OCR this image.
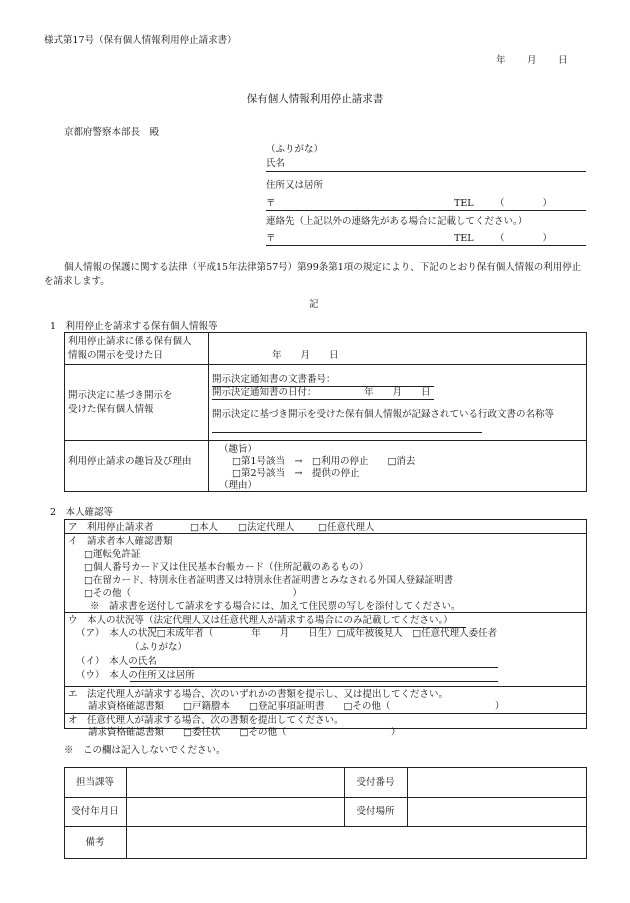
様式第17号（保有個人情報利用停止請求書）
年 月 日
保有個人情報利用停止請求書
京都府警察本部長　殿
（ふりがな）
氏名
住所又は居所
〒	TEL （　　　　）
連絡先（上記以外の連絡先がある場合に記載してください。）
〒	TEL （　　　　）
個人情報の保護に関する法律（平成15年法律第57号）第99条第1項の規定により、下記のとおり保有個人情報の利用停止
を請求します。
記
1　利用停止を請求する保有個人情報等
利用停止請求に係る保有個人
情報の開示を受けた日	年　　月　　日
開示決定に基づき開示を
受けた保有個人情報
開示決定通知書の文書番号：
開示決定通知書の日付：	年　　月　　日
開示決定に基づき開示を受けた保有個人情報が記録されている行政文書の名称等
利用停止請求の趣旨及び理由
（趣旨）
□第1号該当　→　□利用の停止　　□消去
□第2号該当　→　提供の停止
（理由）
2　本人確認等
ア　利用停止請求者	□本人 □法定代理人 □任意代理人
イ　請求者本人確認書類
□運転免許証
□個人番号カード又は住民基本台帳カード（住所記載のあるもの）
□在留カード、特別永住者証明書又は特別永住者証明書とみなされる外国人登録証明書
□その他（　　　　　　　　　　　　　　　　　）
※　請求書を送付して請求をする場合には、加えて住民票の写しを添付してください。
ウ　本人の状況等（法定代理人又は任意代理人が請求する場合にのみ記載してください。）
（ア）　本人の状況□未成年者（　　　　年　　月　　日生）□成年被後見人　□任意代理人委任者
（ふりがな）
（イ）　本人の氏名
（ウ）　本人の住所又は居所
エ　法定代理人が請求する場合、次のいずれかの書類を提示し、又は提出してください。
請求資格確認書類　　□戸籍謄本　　□登記事項証明書　　□その他（　　　　　　　　　　　）
オ　任意代理人が請求する場合、次の書類を提出してください。
請求資格確認書類　　□委任状　　□その他（　　　　　　　　　　　）
※　この欄は記入しないでください。
担当課等	受付番号
受付年月日	受付場所
備考
